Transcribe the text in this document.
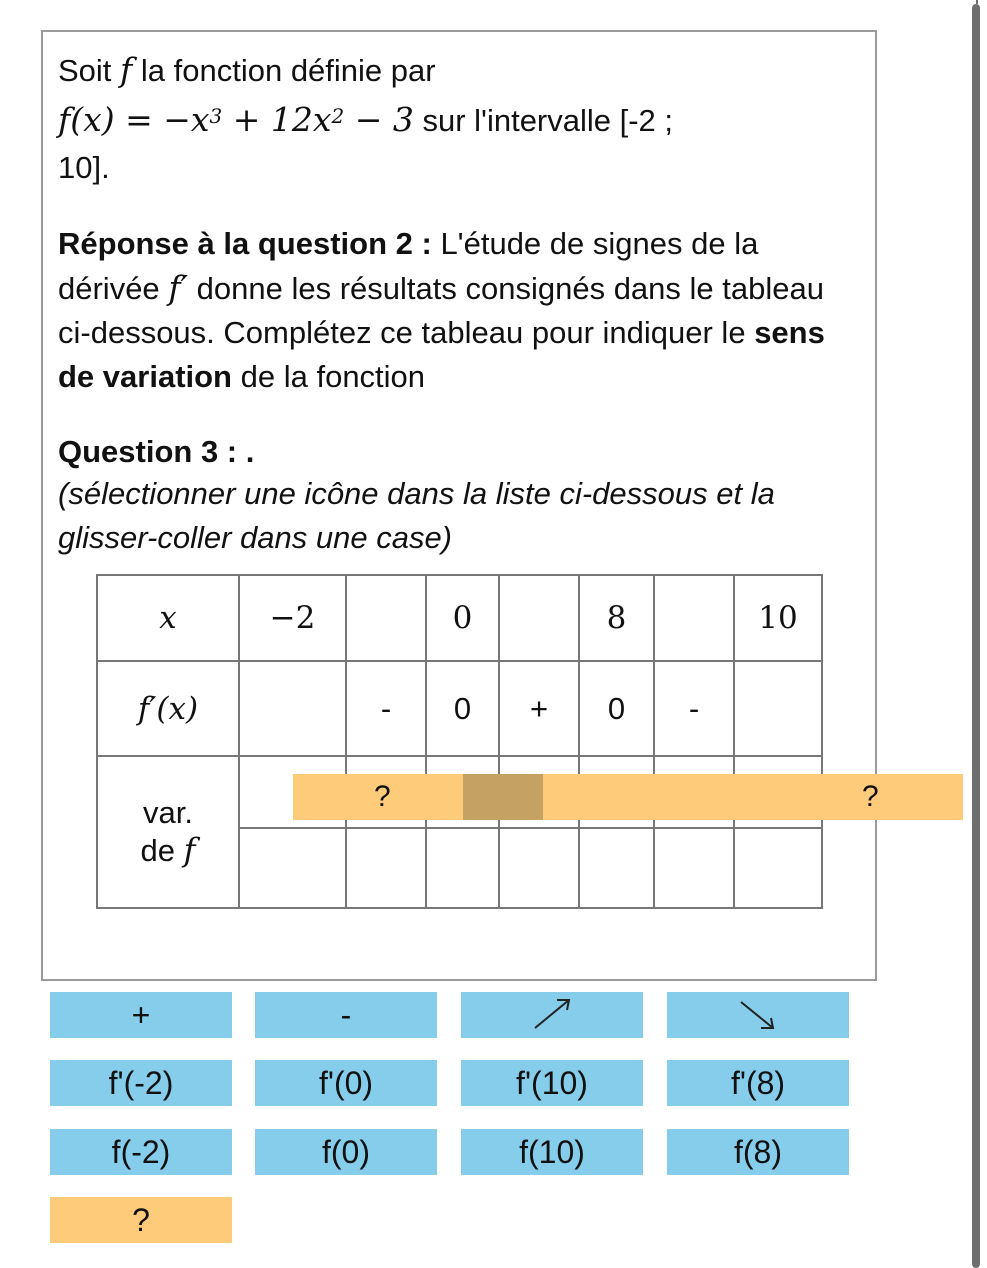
Soit f la fonction définie par
$f(x) = -x^3 + 12x^2 - 3$ sur l'intervalle [-2 ;
10].
Réponse à la question 2 : L'étude de signes de la dérivée f′ donne les résultats consignés dans le tableau ci-dessous. Complétez ce tableau pour indiquer le sens de variation de la fonction
Question 3 : .
(sélectionner une icône dans la liste ci-dessous et la glisser-coller dans une case)
x	−2		0		8		10
f′(x)		-	0	+	0	-	

var.
de f							

?	?
+	-
f'(-2)	f'(0)	f'(10)	f'(8)
f(-2)	f(0)	f(10)	f(8)
?
